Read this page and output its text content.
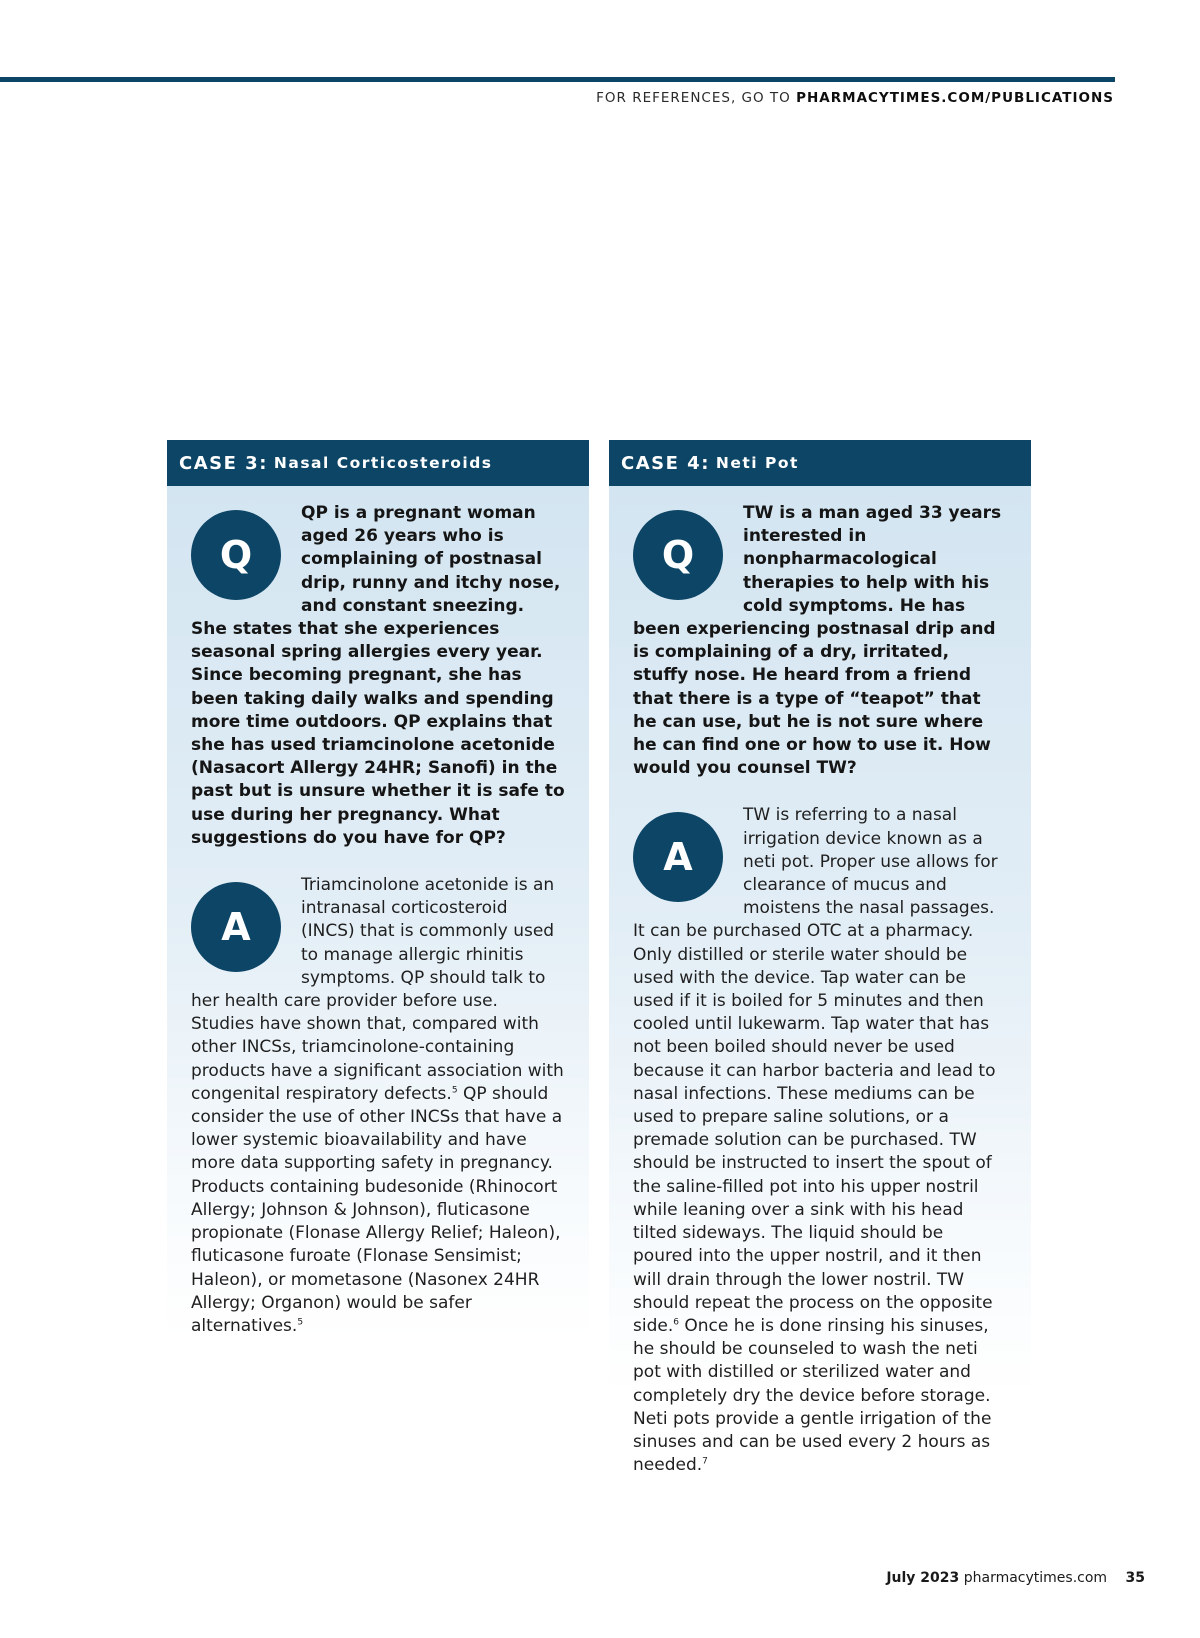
FOR REFERENCES, GO TO PHARMACYTIMES.COM/PUBLICATIONS
CASE 3: Nasal Corticosteroids

Q
QP is a pregnant woman aged 26 years who is complaining of postnasal drip, runny and itchy nose, and constant sneezing. She states that she experiences seasonal spring allergies every year. Since becoming pregnant, she has been taking daily walks and spending more time outdoors. QP explains that she has used triamcinolone acetonide (Nasacort Allergy 24HR; Sanofi) in the past but is unsure whether it is safe to use during her pregnancy. What suggestions do you have for QP?

A
Triamcinolone acetonide is an intranasal corticosteroid (INCS) that is commonly used to manage allergic rhinitis symptoms. QP should talk to her health care provider before use. Studies have shown that, compared with other INCSs, triamcinolone-containing products have a significant association with congenital respiratory defects.$^5$ QP should consider the use of other INCSs that have a lower systemic bioavailability and have more data supporting safety in pregnancy. Products containing budesonide (Rhinocort Allergy; Johnson & Johnson), fluticasone propionate (Flonase Allergy Relief; Haleon), fluticasone furoate (Flonase Sensimist; Haleon), or mometasone (Nasonex 24HR Allergy; Organon) would be safer alternatives.$^5$

CASE 4: Neti Pot

Q
TW is a man aged 33 years interested in nonpharmacological therapies to help with his cold symptoms. He has been experiencing postnasal drip and is complaining of a dry, irritated, stuffy nose. He heard from a friend that there is a type of “teapot” that he can use, but he is not sure where he can find one or how to use it. How would you counsel TW?

A
TW is referring to a nasal irrigation device known as a neti pot. Proper use allows for clearance of mucus and moistens the nasal passages. It can be purchased OTC at a pharmacy. Only distilled or sterile water should be used with the device. Tap water can be used if it is boiled for 5 minutes and then cooled until lukewarm. Tap water that has not been boiled should never be used because it can harbor bacteria and lead to nasal infections. These mediums can be used to prepare saline solutions, or a premade solution can be purchased. TW should be instructed to insert the spout of the saline-filled pot into his upper nostril while leaning over a sink with his head tilted sideways. The liquid should be poured into the upper nostril, and it then will drain through the lower nostril. TW should repeat the process on the opposite side.$^6$ Once he is done rinsing his sinuses, he should be counseled to wash the neti pot with distilled or sterilized water and completely dry the device before storage. Neti pots provide a gentle irrigation of the sinuses and can be used every 2 hours as needed.$^7$

July 2023 pharmacytimes.com 35
